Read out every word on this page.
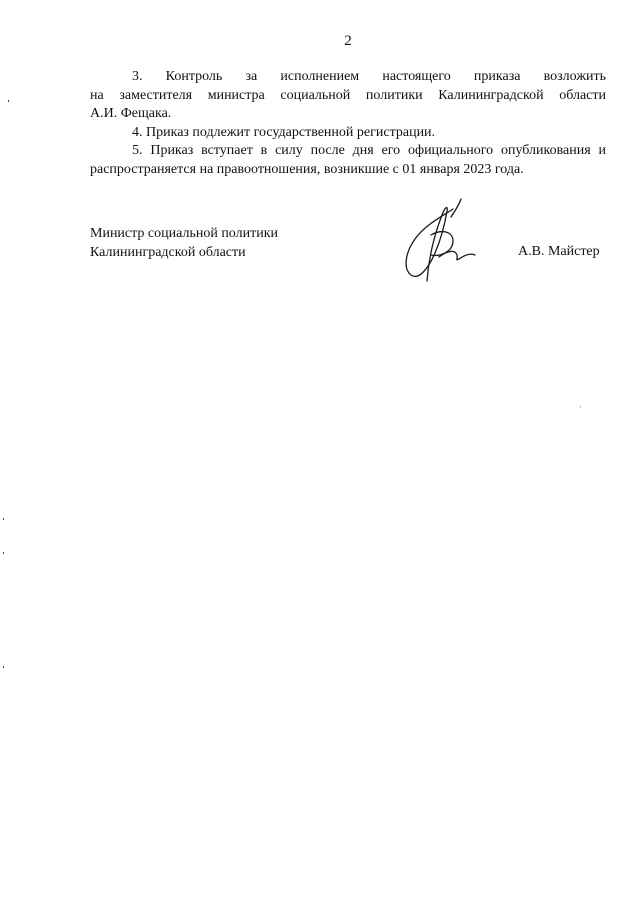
2
3. Контроль за исполнением настоящего приказа возложить
на заместителя министра социальной политики Калининградской области
А.И. Фещака.
4. Приказ подлежит государственной регистрации.
5. Приказ вступает в силу после дня его официального опубликования и
распространяется на правоотношения, возникшие с 01 января 2023 года.
Министр социальной политики
Калининградской области	А.В. Майстер
